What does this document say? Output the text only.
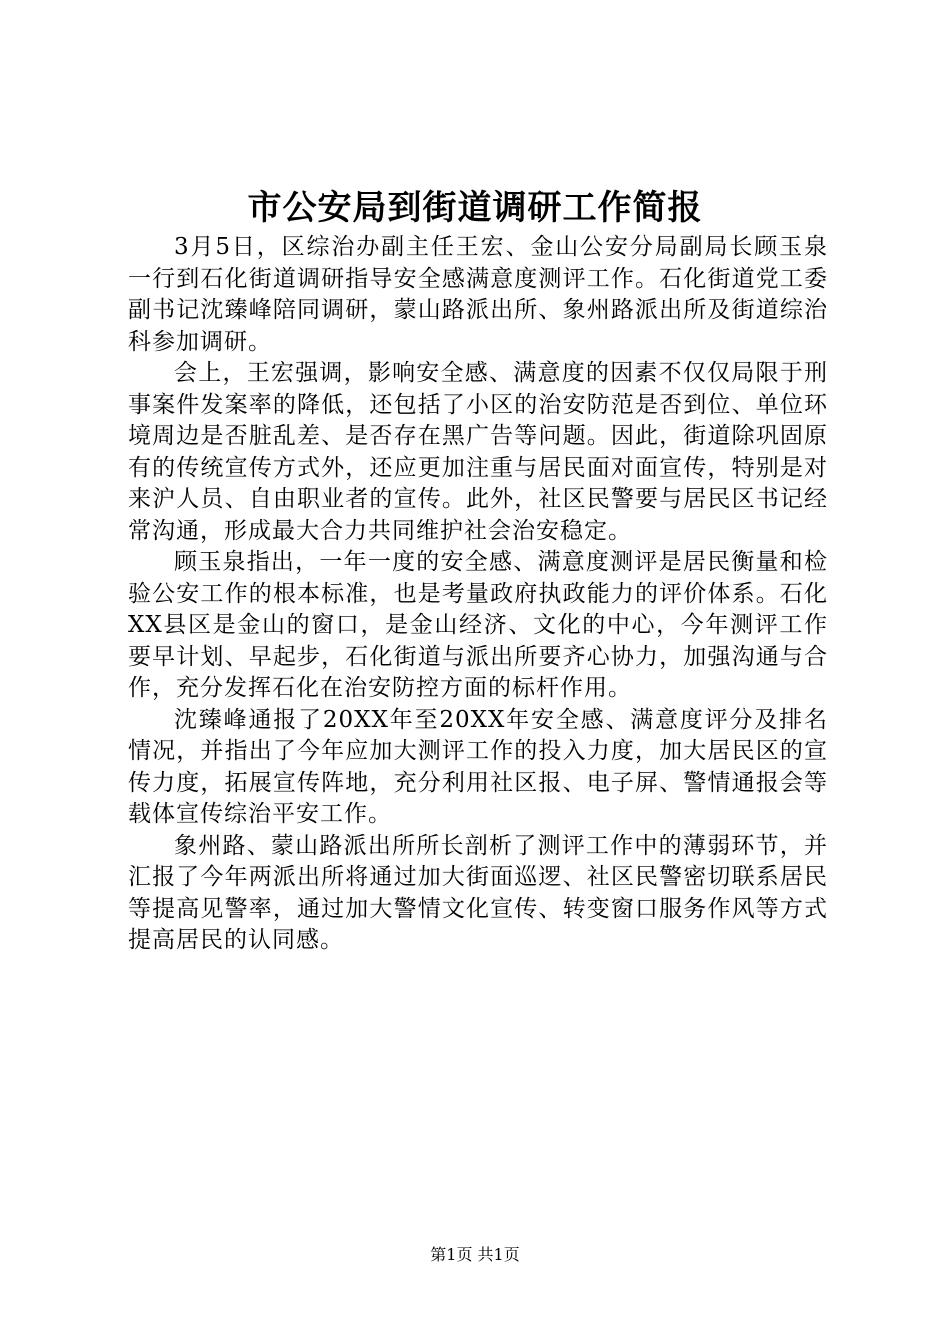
市公安局到街道调研工作简报

3月5日，区综治办副主任王宏、金山公安分局副局长顾玉泉一行到石化街道调研指导安全感满意度测评工作。石化街道党工委副书记沈臻峰陪同调研，蒙山路派出所、象州路派出所及街道综治科参加调研。

会上，王宏强调，影响安全感、满意度的因素不仅仅局限于刑事案件发案率的降低，还包括了小区的治安防范是否到位、单位环境周边是否脏乱差、是否存在黑广告等问题。因此，街道除巩固原有的传统宣传方式外，还应更加注重与居民面对面宣传，特别是对来沪人员、自由职业者的宣传。此外，社区民警要与居民区书记经常沟通，形成最大合力共同维护社会治安稳定。

顾玉泉指出，一年一度的安全感、满意度测评是居民衡量和检验公安工作的根本标准，也是考量政府执政能力的评价体系。石化XX县区是金山的窗口，是金山经济、文化的中心，今年测评工作要早计划、早起步，石化街道与派出所要齐心协力，加强沟通与合作，充分发挥石化在治安防控方面的标杆作用。

沈臻峰通报了20XX年至20XX年安全感、满意度评分及排名情况，并指出了今年应加大测评工作的投入力度，加大居民区的宣传力度，拓展宣传阵地，充分利用社区报、电子屏、警情通报会等载体宣传综治平安工作。

象州路、蒙山路派出所所长剖析了测评工作中的薄弱环节，并汇报了今年两派出所将通过加大街面巡逻、社区民警密切联系居民等提高见警率，通过加大警情文化宣传、转变窗口服务作风等方式提高居民的认同感。

第1页 共1页
